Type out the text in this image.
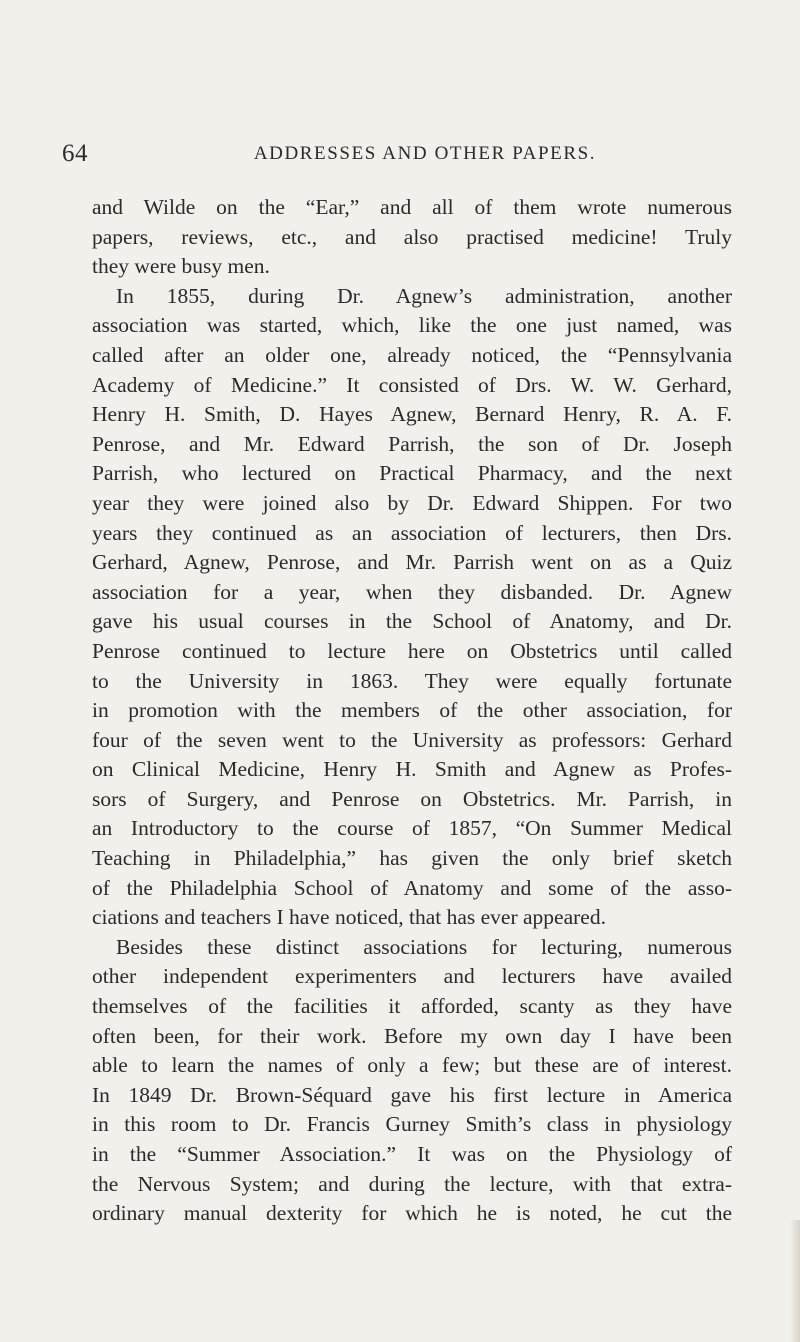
64	ADDRESSES AND OTHER PAPERS.
and Wilde on the “Ear,” and all of them wrote numerous
papers, reviews, etc., and also practised medicine! Truly
they were busy men.
In 1855, during Dr. Agnew’s administration, another
association was started, which, like the one just named, was
called after an older one, already noticed, the “Pennsylvania
Academy of Medicine.” It consisted of Drs. W. W. Gerhard,
Henry H. Smith, D. Hayes Agnew, Bernard Henry, R. A. F.
Penrose, and Mr. Edward Parrish, the son of Dr. Joseph
Parrish, who lectured on Practical Pharmacy, and the next
year they were joined also by Dr. Edward Shippen. For two
years they continued as an association of lecturers, then Drs.
Gerhard, Agnew, Penrose, and Mr. Parrish went on as a Quiz
association for a year, when they disbanded. Dr. Agnew
gave his usual courses in the School of Anatomy, and Dr.
Penrose continued to lecture here on Obstetrics until called
to the University in 1863. They were equally fortunate
in promotion with the members of the other association, for
four of the seven went to the University as professors: Gerhard
on Clinical Medicine, Henry H. Smith and Agnew as Profes-
sors of Surgery, and Penrose on Obstetrics. Mr. Parrish, in
an Introductory to the course of 1857, “On Summer Medical
Teaching in Philadelphia,” has given the only brief sketch
of the Philadelphia School of Anatomy and some of the asso-
ciations and teachers I have noticed, that has ever appeared.
Besides these distinct associations for lecturing, numerous
other independent experimenters and lecturers have availed
themselves of the facilities it afforded, scanty as they have
often been, for their work. Before my own day I have been
able to learn the names of only a few; but these are of interest.
In 1849 Dr. Brown-Séquard gave his first lecture in America
in this room to Dr. Francis Gurney Smith’s class in physiology
in the “Summer Association.” It was on the Physiology of
the Nervous System; and during the lecture, with that extra-
ordinary manual dexterity for which he is noted, he cut the
